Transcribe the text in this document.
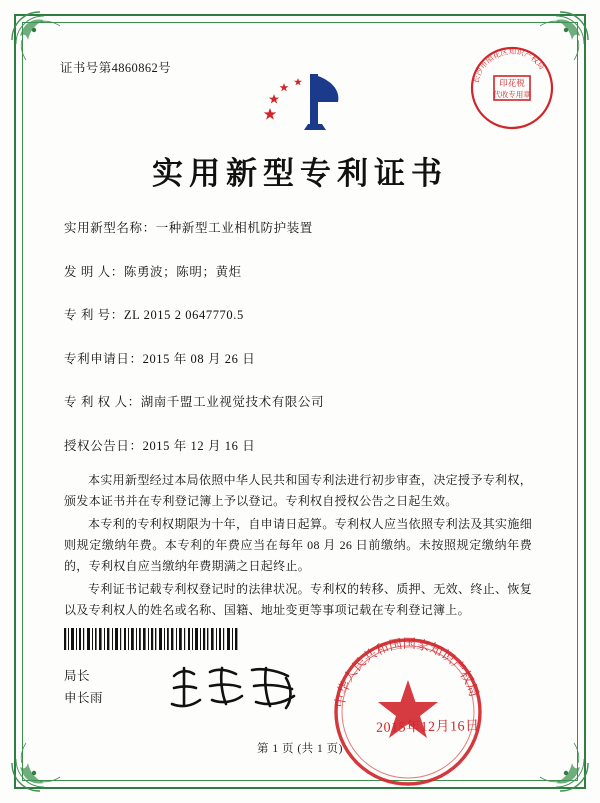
证书号第4860862号
印花税
代收专用章
长沙市雨花区知识产权局
实用新型专利证书
实用新型名称：一种新型工业相机防护装置
发 明 人：陈勇波；陈明；黄炬
专 利 号：ZL 2015 2 0647770.5
专利申请日：2015 年 08 月 26 日
专 利 权 人：湖南千盟工业视觉技术有限公司
授权公告日：2015 年 12 月 16 日

本实用新型经过本局依照中华人民共和国专利法进行初步审查，决定授予专利权，颁发本证书并在专利登记簿上予以登记。专利权自授权公告之日起生效。

本专利的专利权期限为十年，自申请日起算。专利权人应当依照专利法及其实施细则规定缴纳年费。本专利的年费应当在每年 08 月 26 日前缴纳。未按照规定缴纳年费的，专利权自应当缴纳年费期满之日起终止。

专利证书记载专利权登记时的法律状况。专利权的转移、质押、无效、终止、恢复以及专利权人的姓名或名称、国籍、地址变更等事项记载在专利登记簿上。

局长
申长雨	中华人民共和国国家知识产权局
2015年12月16日
第 1 页 (共 1 页)
